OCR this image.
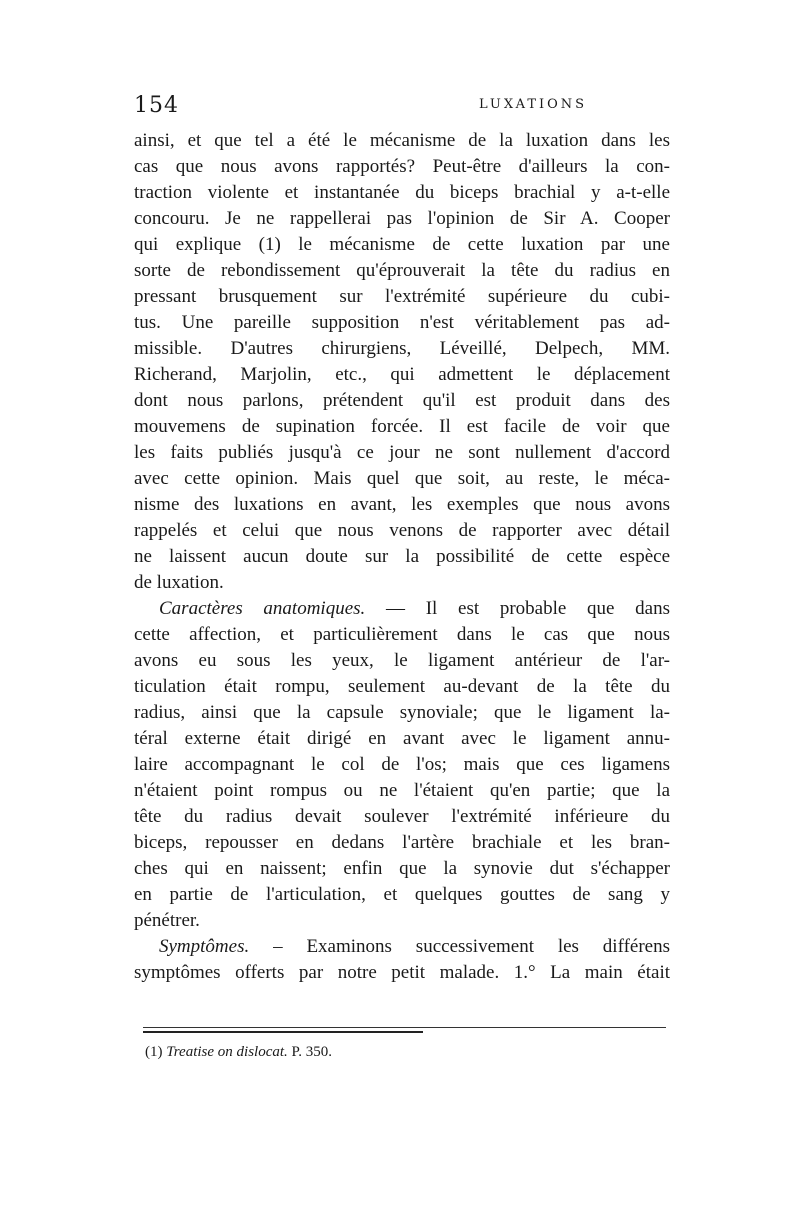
154	LUXATIONS
ainsi, et que tel a été le mécanisme de la luxation dans les
cas que nous avons rapportés? Peut-être d'ailleurs la con-
traction violente et instantanée du biceps brachial y a-t-elle
concouru. Je ne rappellerai pas l'opinion de Sir A. Cooper
qui explique (1) le mécanisme de cette luxation par une
sorte de rebondissement qu'éprouverait la tête du radius en
pressant brusquement sur l'extrémité supérieure du cubi-
tus. Une pareille supposition n'est véritablement pas ad-
missible. D'autres chirurgiens, Léveillé, Delpech, MM.
Richerand, Marjolin, etc., qui admettent le déplacement
dont nous parlons, prétendent qu'il est produit dans des
mouvemens de supination forcée. Il est facile de voir que
les faits publiés jusqu'à ce jour ne sont nullement d'accord
avec cette opinion. Mais quel que soit, au reste, le méca-
nisme des luxations en avant, les exemples que nous avons
rappelés et celui que nous venons de rapporter avec détail
ne laissent aucun doute sur la possibilité de cette espèce
de luxation.
Caractères anatomiques. — Il est probable que dans
cette affection, et particulièrement dans le cas que nous
avons eu sous les yeux, le ligament antérieur de l'ar-
ticulation était rompu, seulement au-devant de la tête du
radius, ainsi que la capsule synoviale; que le ligament la-
téral externe était dirigé en avant avec le ligament annu-
laire accompagnant le col de l'os; mais que ces ligamens
n'étaient point rompus ou ne l'étaient qu'en partie; que la
tête du radius devait soulever l'extrémité inférieure du
biceps, repousser en dedans l'artère brachiale et les bran-
ches qui en naissent; enfin que la synovie dut s'échapper
en partie de l'articulation, et quelques gouttes de sang y
pénétrer.
Symptômes. – Examinons successivement les différens
symptômes offerts par notre petit malade. 1.° La main était
(1) Treatise on dislocat. P. 350.
